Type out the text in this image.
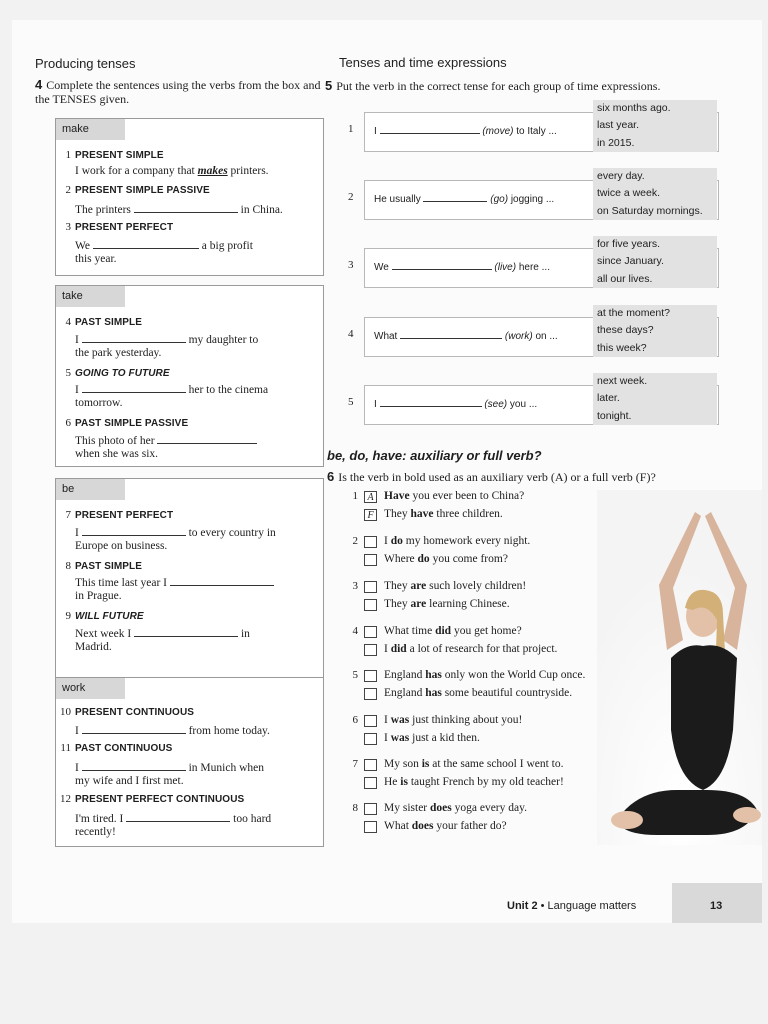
Producing tenses
4 Complete the sentences using the verbs from the box and the TENSES given.
make
1 PRESENT SIMPLE
I work for a company that makes printers.
2 PRESENT SIMPLE PASSIVE
The printers	in China.
3 PRESENT PERFECT
We	a big profit
this year.
take
4 PAST SIMPLE
I	my daughter to
the park yesterday.
5 GOING TO FUTURE
I	her to the cinema
tomorrow.
6 PAST SIMPLE PASSIVE
This photo of her
when she was six.
be
7 PRESENT PERFECT
I	to every country in
Europe on business.
8 PAST SIMPLE
This time last year I
in Prague.
9 WILL FUTURE
Next week I	in
Madrid.
work
10 PRESENT CONTINUOUS
I	from home today.
11 PAST CONTINUOUS
I	in Munich when
my wife and I first met.
12 PRESENT PERFECT CONTINUOUS
I'm tired. I	too hard
recently!
Tenses and time expressions
5 Put the verb in the correct tense for each group of time expressions.
1 I	(move) to Italy ...
six months ago.
last year.
in 2015.
2 He usually	(go) jogging ...
every day.
twice a week.
on Saturday mornings.
3 We	(live) here ...
for five years.
since January.
all our lives.
4 What	(work) on ...
at the moment?
these days?
this week?
5 I	(see) you ...
next week.
later.
tonight.
be, do, have: auxiliary or full verb?
6 Is the verb in bold used as an auxiliary verb (A) or a full verb (F)?
1 A Have you ever been to China?
F They have three children.
2 I do my homework every night.
Where do you come from?
3 They are such lovely children!
They are learning Chinese.
4 What time did you get home?
I did a lot of research for that project.
5 England has only won the World Cup once.
England has some beautiful countryside.
6 I was just thinking about you!
I was just a kid then.
7 My son is at the same school I went to.
He is taught French by my old teacher!
8 My sister does yoga every day.
What does your father do?
Unit 2 • Language matters	13
